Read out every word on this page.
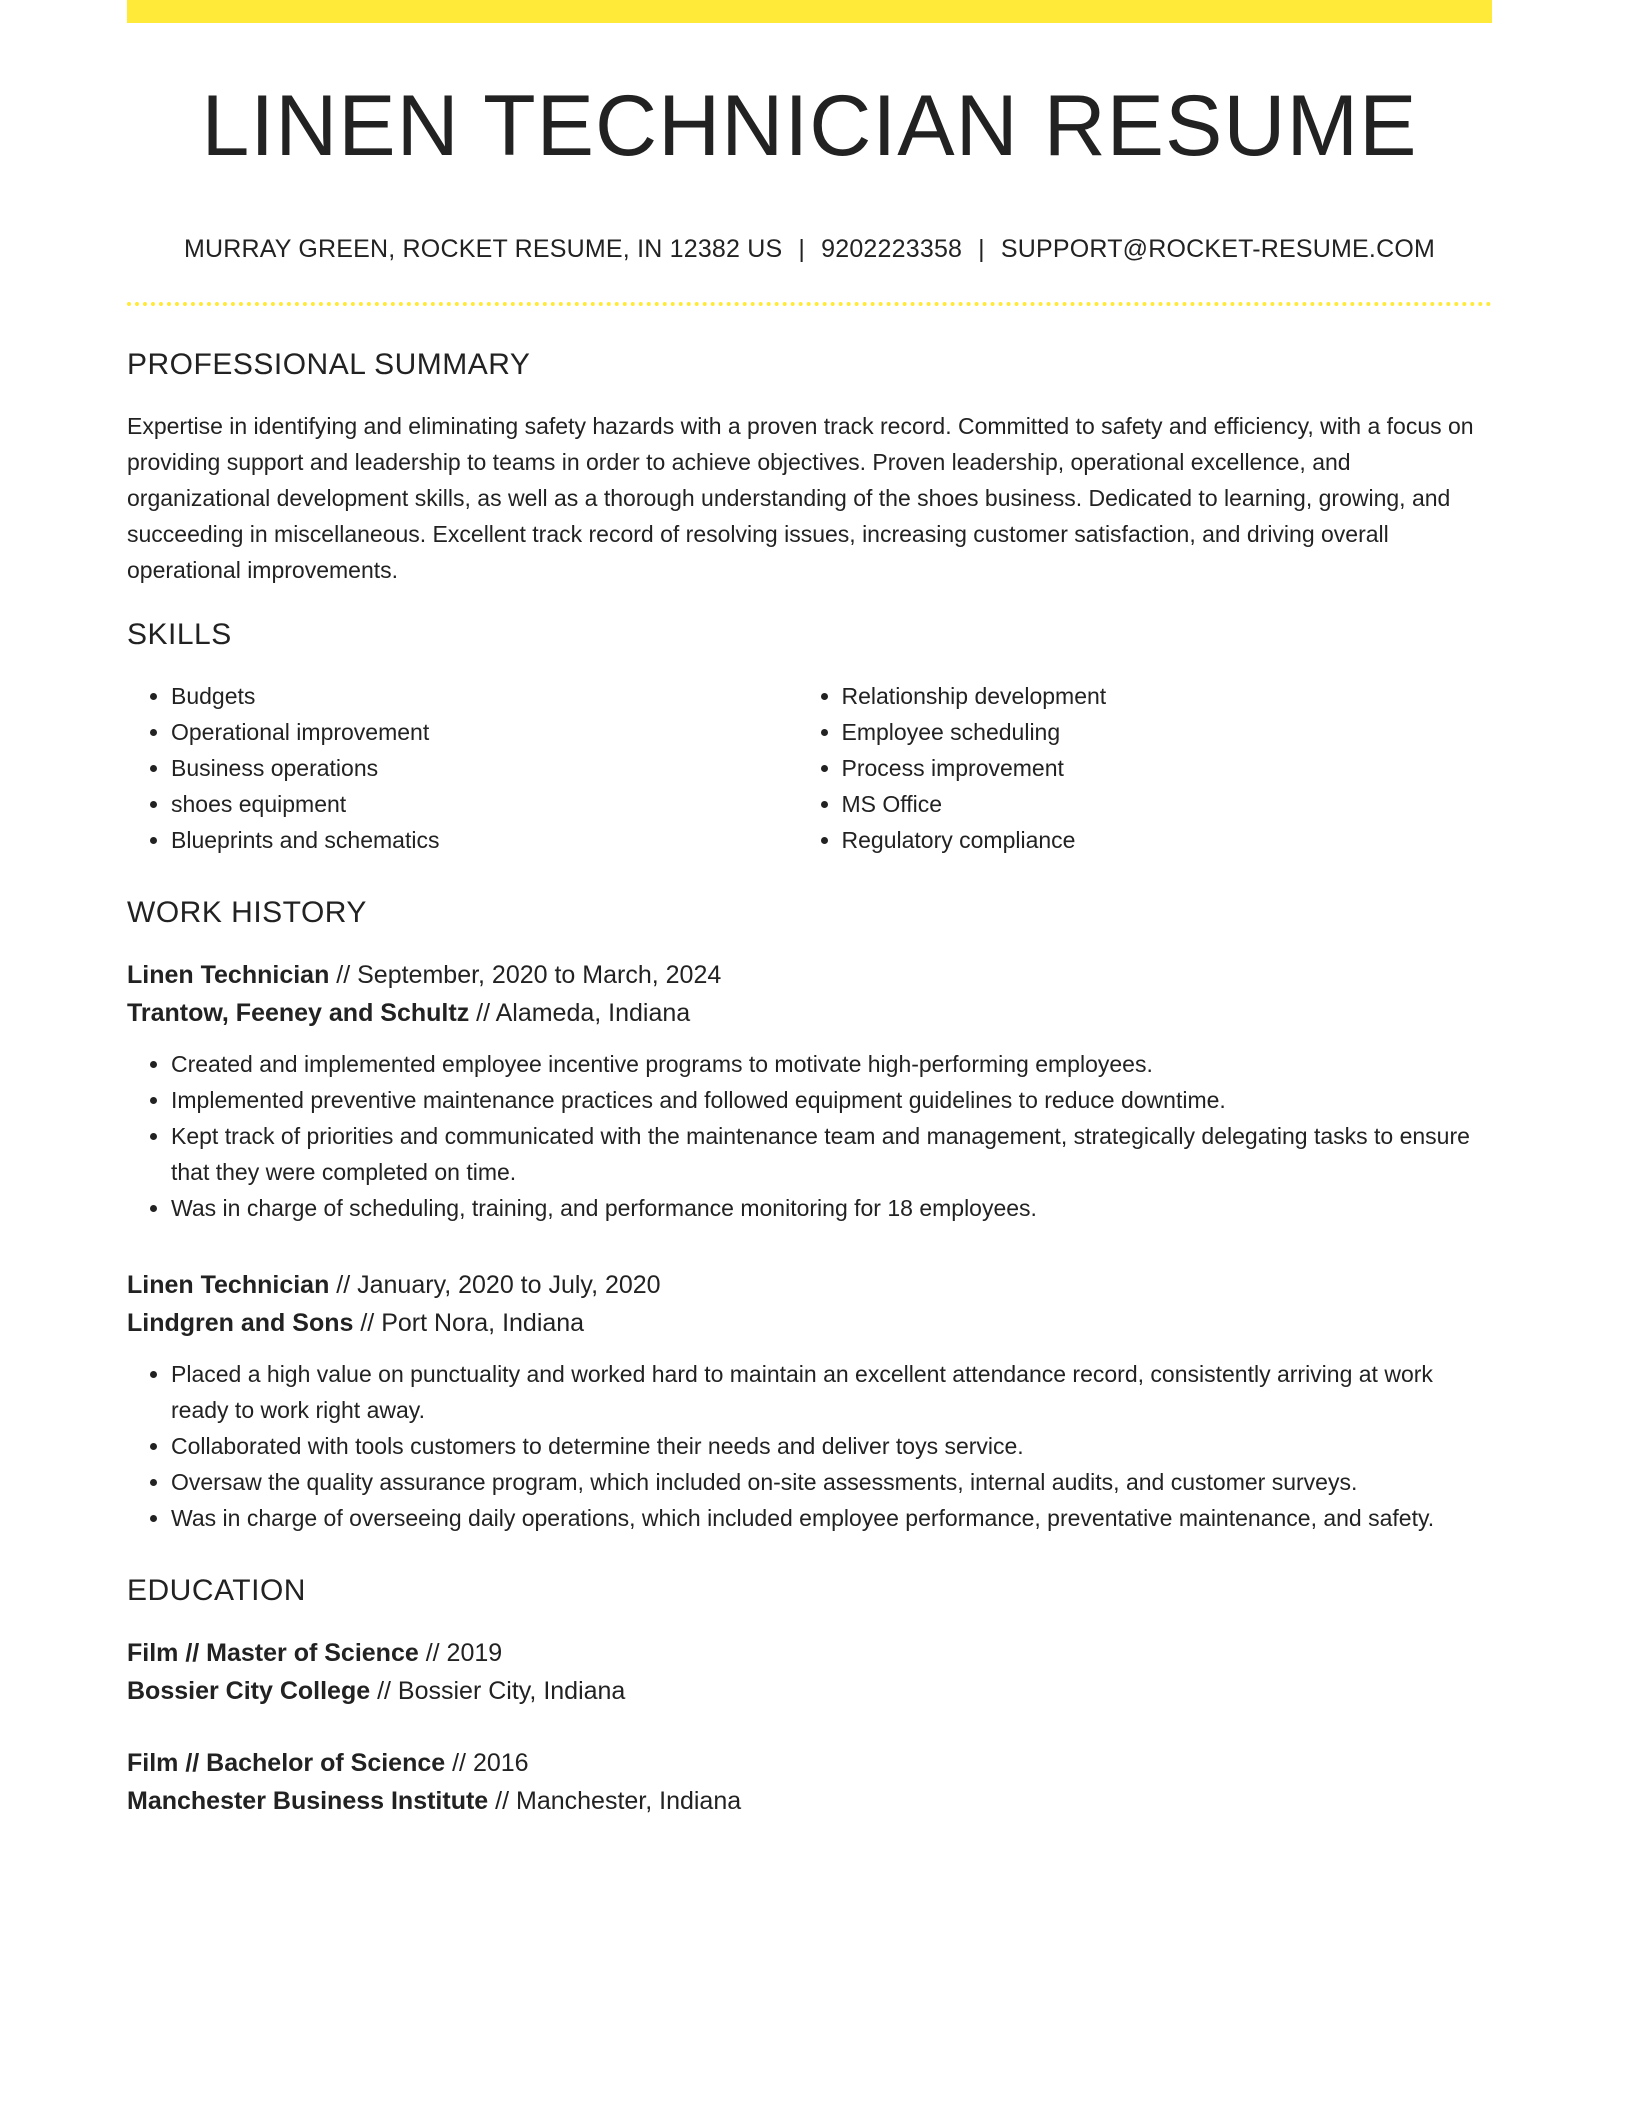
LINEN TECHNICIAN RESUME
MURRAY GREEN, ROCKET RESUME, IN 12382 US | 9202223358 | SUPPORT@ROCKET-RESUME.COM
PROFESSIONAL SUMMARY

Expertise in identifying and eliminating safety hazards with a proven track record. Committed to safety and efficiency, with a focus on providing support and leadership to teams in order to achieve objectives. Proven leadership, operational excellence, and organizational development skills, as well as a thorough understanding of the shoes business. Dedicated to learning, growing, and succeeding in miscellaneous. Excellent track record of resolving issues, increasing customer satisfaction, and driving overall operational improvements.

SKILLS
• Budgets
• Operational improvement
• Business operations
• shoes equipment
• Blueprints and schematics
• Relationship development
• Employee scheduling
• Process improvement
• MS Office
• Regulatory compliance
WORK HISTORY
Linen Technician // September, 2020 to March, 2024
Trantow, Feeney and Schultz // Alameda, Indiana
• Created and implemented employee incentive programs to motivate high-performing employees.
• Implemented preventive maintenance practices and followed equipment guidelines to reduce downtime.
• Kept track of priorities and communicated with the maintenance team and management, strategically delegating tasks to ensure that they were completed on time.
• Was in charge of scheduling, training, and performance monitoring for 18 employees.
Linen Technician // January, 2020 to July, 2020
Lindgren and Sons // Port Nora, Indiana
• Placed a high value on punctuality and worked hard to maintain an excellent attendance record, consistently arriving at work ready to work right away.
• Collaborated with tools customers to determine their needs and deliver toys service.
• Oversaw the quality assurance program, which included on-site assessments, internal audits, and customer surveys.
• Was in charge of overseeing daily operations, which included employee performance, preventative maintenance, and safety.
EDUCATION
Film // Master of Science // 2019
Bossier City College // Bossier City, Indiana
Film // Bachelor of Science // 2016
Manchester Business Institute // Manchester, Indiana
